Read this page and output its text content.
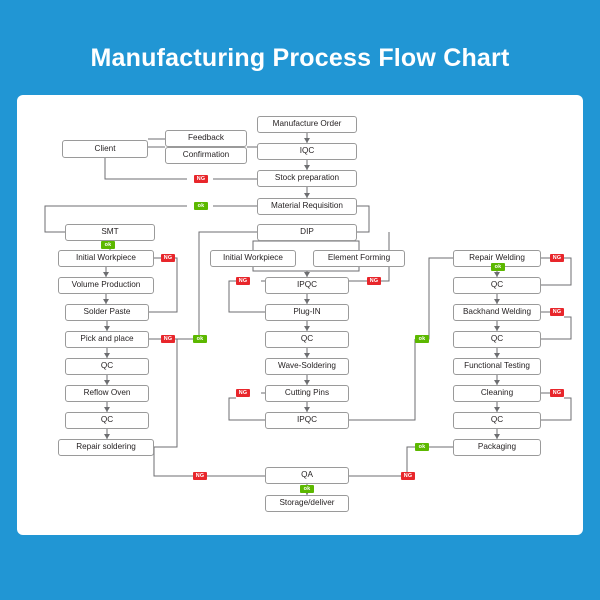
Manufacturing Process Flow Chart
Client
Feedback
Confirmation
Manufacture Order
IQC
Stock preparation
Material Requisition
SMT	DIP
Initial Workpiece
Volume Production
Solder Paste
Pick and place
QC
Reflow Oven
QC
Repair soldering
Initial Workpiece	Element Forming
IPQC
Plug-IN
QC
Wave-Soldering
Cutting Pins
IPQC
Repair Welding
QC
Backhand Welding
QC
Functional Testing
Cleaning
QC
Packaging
QA
Storage/deliver
NG
ok
ok
NG
NG	NG
NG	ok	ok
ok
NG
NG
NG
NG
ok
NG	NG
ok
